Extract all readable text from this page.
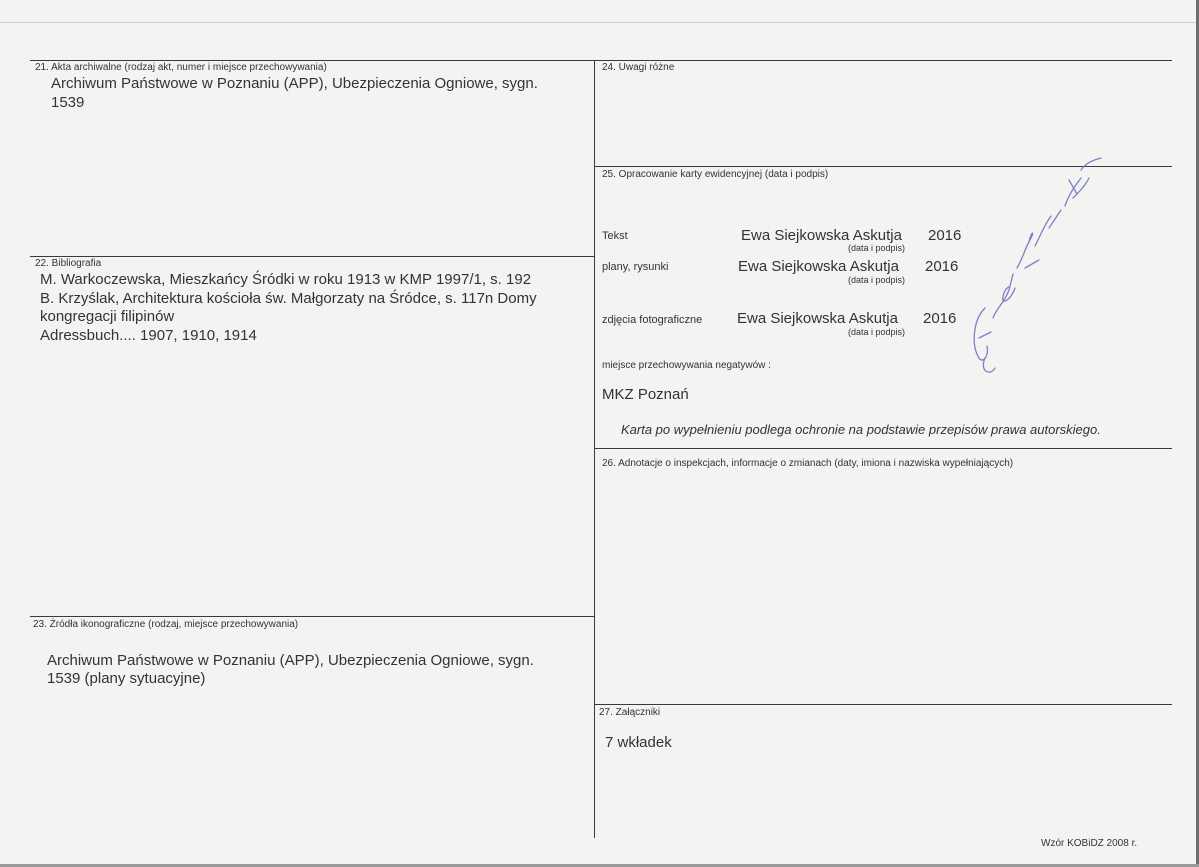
21. Akta archiwalne (rodzaj akt, numer i miejsce przechowywania)
Archiwum Państwowe w Poznaniu (APP), Ubezpieczenia Ogniowe, sygn.
1539
22. Bibliografia
M. Warkoczewska, Mieszkańcy Śródki w roku 1913 w KMP 1997/1, s. 192
B. Krzyślak, Architektura kościoła św. Małgorzaty na Śródce, s. 117n Domy
kongregacji filipinów
Adressbuch.... 1907, 1910, 1914
23. Źródła ikonograficzne (rodzaj, miejsce przechowywania)
Archiwum Państwowe w Poznaniu (APP), Ubezpieczenia Ogniowe, sygn.
1539 (plany sytuacyjne)
24. Uwagi różne
25. Opracowanie karty ewidencyjnej (data i podpis)
Tekst	Ewa Siejkowska Askutja 2016
(data i podpis)
plany, rysunki	Ewa Siejkowska Askutja 2016
(data i podpis)
zdjęcia fotograficzne Ewa Siejkowska Askutja 2016
(data i podpis)
miejsce przechowywania negatywów :
MKZ Poznań
Karta po wypełnieniu podlega ochronie na podstawie przepisów prawa autorskiego.
26. Adnotacje o inspekcjach, informacje o zmianach (daty, imiona i nazwiska wypełniających)
27. Załączniki
7 wkładek
Wzór KOBiDZ 2008 r.
